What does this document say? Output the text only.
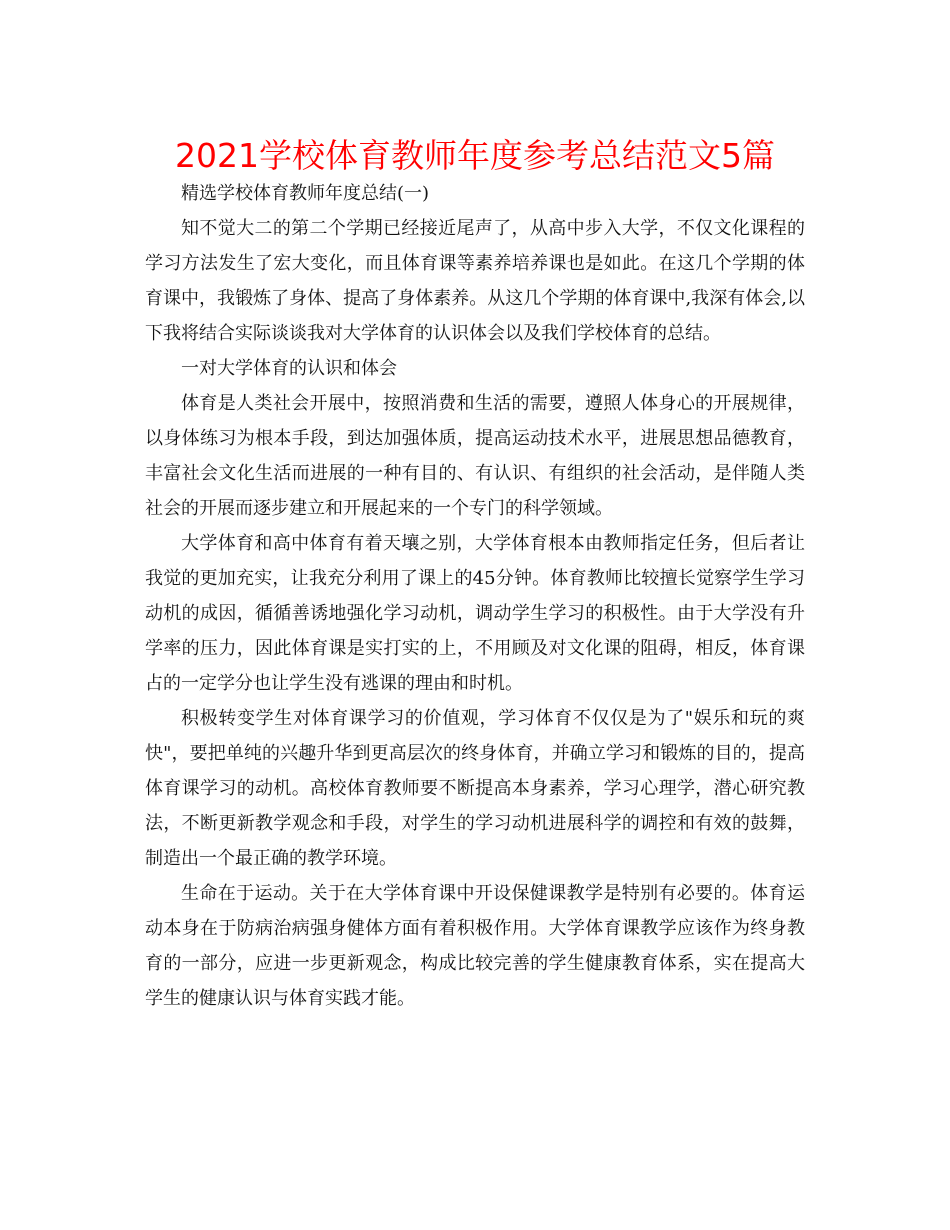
2021学校体育教师年度参考总结范文5篇

精选学校体育教师年度总结(一)

知不觉大二的第二个学期已经接近尾声了，从高中步入大学，不仅文化课程的学习方法发生了宏大变化，而且体育课等素养培养课也是如此。在这几个学期的体育课中，我锻炼了身体、提高了身体素养。从这几个学期的体育课中,我深有体会,以下我将结合实际谈谈我对大学体育的认识体会以及我们学校体育的总结。

一对大学体育的认识和体会

体育是人类社会开展中，按照消费和生活的需要，遵照人体身心的开展规律，以身体练习为根本手段，到达加强体质，提高运动技术水平，进展思想品德教育，丰富社会文化生活而进展的一种有目的、有认识、有组织的社会活动，是伴随人类社会的开展而逐步建立和开展起来的一个专门的科学领域。

大学体育和高中体育有着天壤之别，大学体育根本由教师指定任务，但后者让我觉的更加充实，让我充分利用了课上的45分钟。体育教师比较擅长觉察学生学习动机的成因，循循善诱地强化学习动机，调动学生学习的积极性。由于大学没有升学率的压力，因此体育课是实打实的上，不用顾及对文化课的阻碍，相反，体育课占的一定学分也让学生没有逃课的理由和时机。

积极转变学生对体育课学习的价值观，学习体育不仅仅是为了"娱乐和玩的爽快"，要把单纯的兴趣升华到更高层次的终身体育，并确立学习和锻炼的目的，提高体育课学习的动机。高校体育教师要不断提高本身素养，学习心理学，潜心研究教法，不断更新教学观念和手段，对学生的学习动机进展科学的调控和有效的鼓舞，制造出一个最正确的教学环境。

生命在于运动。关于在大学体育课中开设保健课教学是特别有必要的。体育运动本身在于防病治病强身健体方面有着积极作用。大学体育课教学应该作为终身教育的一部分，应进一步更新观念，构成比较完善的学生健康教育体系，实在提高大学生的健康认识与体育实践才能。
